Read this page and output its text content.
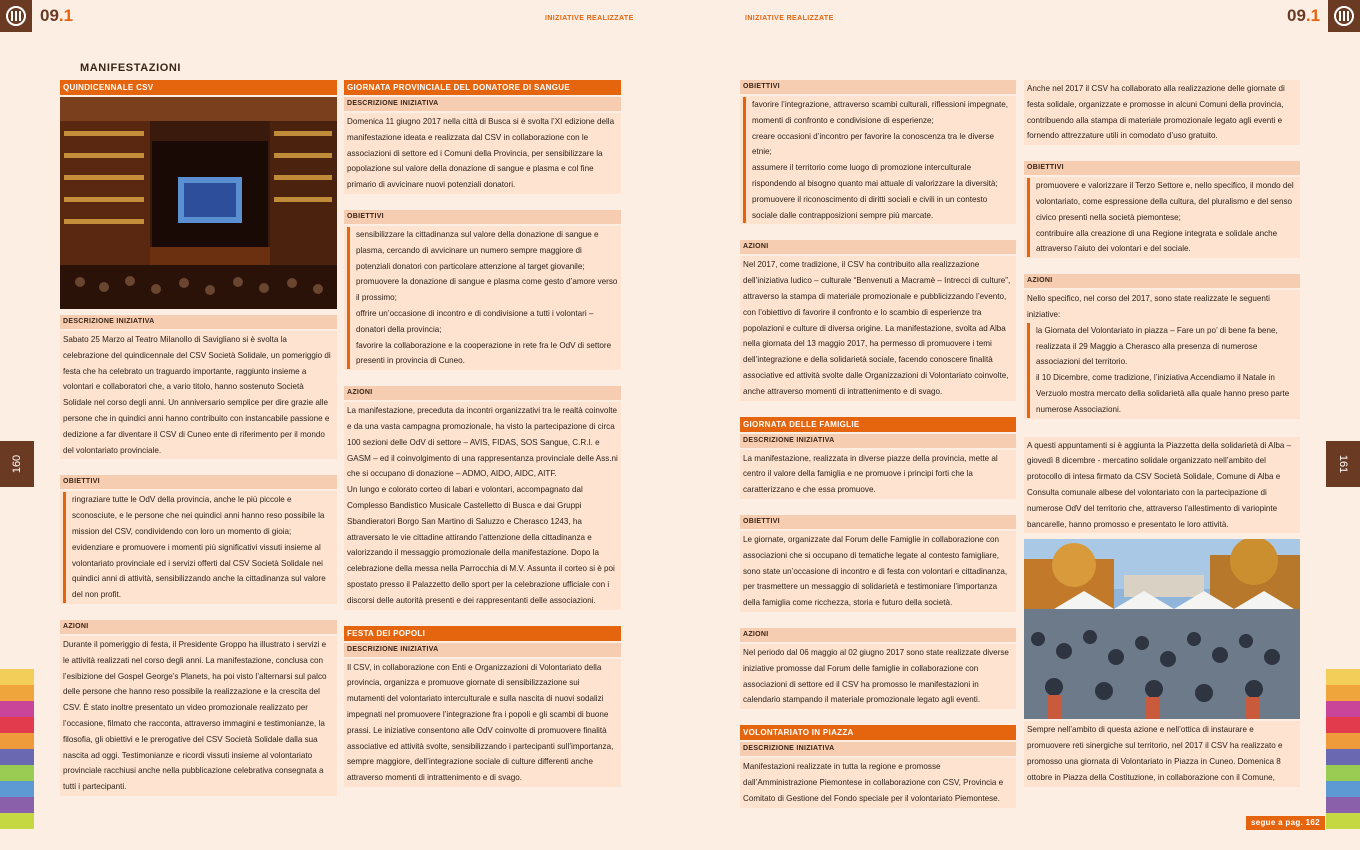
09.1	INIZIATIVE REALIZZATE
160
MANIFESTAZIONI
QUINDICENNALE CSV
DESCRIZIONE INIZIATIVA

Sabato 25 Marzo al Teatro Milanollo di Savigliano si è svolta la celebrazione del quindicennale del CSV Società Solidale, un pomeriggio di festa che ha celebrato un traguardo importante, raggiunto insieme a volontari e collaboratori che, a vario titolo, hanno sostenuto Società Solidale nel corso degli anni. Un anniversario semplice per dire grazie alle persone che in quindici anni hanno contribuito con instancabile passione e dedizione a far diventare il CSV di Cuneo ente di riferimento per il mondo del volontariato provinciale.

OBIETTIVI

ringraziare tutte le OdV della provincia, anche le più piccole e sconosciute, e le persone che nei quindici anni hanno reso possibile la mission del CSV, condividendo con loro un momento di gioia;

evidenziare e promuovere i momenti più significativi vissuti insieme al volontariato provinciale ed i servizi offerti dal CSV Società Solidale nei quindici anni di attività, sensibilizzando anche la cittadinanza sul valore del non profit.

AZIONI

Durante il pomeriggio di festa, il Presidente Groppo ha illustrato i servizi e le attività realizzati nel corso degli anni. La manifestazione, conclusa con l’esibizione del Gospel George’s Planets, ha poi visto l’alternarsi sul palco delle persone che hanno reso possibile la realizzazione e la crescita del CSV. È stato inoltre presentato un video promozionale realizzato per l’occasione, filmato che racconta, attraverso immagini e testimonianze, la filosofia, gli obiettivi e le prerogative del CSV Società Solidale dalla sua nascita ad oggi. Testimonianze e ricordi vissuti insieme al volontariato provinciale racchiusi anche nella pubblicazione celebrativa consegnata a tutti i partecipanti.

GIORNATA PROVINCIALE DEL DONATORE DI SANGUE
DESCRIZIONE INIZIATIVA

Domenica 11 giugno 2017 nella città di Busca si è svolta l’XI edizione della manifestazione ideata e realizzata dal CSV in collaborazione con le associazioni di settore ed i Comuni della Provincia, per sensibilizzare la popolazione sul valore della donazione di sangue e plasma e col fine primario di avvicinare nuovi potenziali donatori.

OBIETTIVI

sensibilizzare la cittadinanza sul valore della donazione di sangue e plasma, cercando di avvicinare un numero sempre maggiore di potenziali donatori con particolare attenzione al target giovanile;

promuovere la donazione di sangue e plasma come gesto d’amore verso il prossimo;

offrire un’occasione di incontro e di condivisione a tutti i volontari – donatori della provincia;

favorire la collaborazione e la cooperazione in rete fra le OdV di settore presenti in provincia di Cuneo.

AZIONI

La manifestazione, preceduta da incontri organizzativi tra le realtà coinvolte e da una vasta campagna promozionale, ha visto la partecipazione di circa 100 sezioni delle OdV di settore – AVIS, FIDAS, SOS Sangue, C.R.I. e GASM – ed il coinvolgimento di una rappresentanza provinciale delle Ass.ni che si occupano di donazione – ADMO, AIDO, AIDC, AITF.

Un lungo e colorato corteo di labari e volontari, accompagnato dal Complesso Bandistico Musicale Castelletto di Busca e dai Gruppi Sbandieratori Borgo San Martino di Saluzzo e Cherasco 1243, ha attraversato le vie cittadine attirando l’attenzione della cittadinanza e valorizzando il messaggio promozionale della manifestazione. Dopo la celebrazione della messa nella Parrocchia di M.V. Assunta il corteo si è poi spostato presso il Palazzetto dello sport per la celebrazione ufficiale con i discorsi delle autorità presenti e dei rappresentanti delle associazioni.

FESTA DEI POPOLI
DESCRIZIONE INIZIATIVA

Il CSV, in collaborazione con Enti e Organizzazioni di Volontariato della provincia, organizza e promuove giornate di sensibilizzazione sui mutamenti del volontariato interculturale e sulla nascita di nuovi sodalizi impegnati nel promuovere l’integrazione fra i popoli e gli scambi di buone prassi. Le iniziative consentono alle OdV coinvolte di promuovere finalità associative ed attività svolte, sensibilizzando i partecipanti sull’importanza, sempre maggiore, dell’integrazione sociale di culture differenti anche attraverso momenti di intrattenimento e di svago.

09.1
INIZIATIVE REALIZZATE
161
OBIETTIVI

favorire l’integrazione, attraverso scambi culturali, riflessioni impegnate, momenti di confronto e condivisione di esperienze;

creare occasioni d’incontro per favorire la conoscenza tra le diverse etnie;

assumere il territorio come luogo di promozione interculturale rispondendo al bisogno quanto mai attuale di valorizzare la diversità;

promuovere il riconoscimento di diritti sociali e civili in un contesto sociale dalle contrapposizioni sempre più marcate.

AZIONI

Nel 2017, come tradizione, il CSV ha contribuito alla realizzazione dell’iniziativa ludico – culturale “Benvenuti a Macramè – Intrecci di culture”, attraverso la stampa di materiale promozionale e pubblicizzando l’evento, con l’obiettivo di favorire il confronto e lo scambio di esperienze tra popolazioni e culture di diversa origine. La manifestazione, svolta ad Alba nella giornata del 13 maggio 2017, ha permesso di promuovere i temi dell’integrazione e della solidarietà sociale, facendo conoscere finalità associative ed attività svolte dalle Organizzazioni di Volontariato coinvolte, anche attraverso momenti di intrattenimento e di svago.

GIORNATA DELLE FAMIGLIE
DESCRIZIONE INIZIATIVA

La manifestazione, realizzata in diverse piazze della provincia, mette al centro il valore della famiglia e ne promuove i principi forti che la caratterizzano e che essa promuove.

OBIETTIVI

Le giornate, organizzate dal Forum delle Famiglie in collaborazione con associazioni che si occupano di tematiche legate al contesto famigliare, sono state un’occasione di incontro e di festa con volontari e cittadinanza, per trasmettere un messaggio di solidarietà e testimoniare l’importanza della famiglia come ricchezza, storia e futuro della società.

AZIONI

Nel periodo dal 06 maggio al 02 giugno 2017 sono state realizzate diverse iniziative promosse dal Forum delle famiglie in collaborazione con associazioni di settore ed il CSV ha promosso le manifestazioni in calendario stampando il materiale promozionale legato agli eventi.

VOLONTARIATO IN PIAZZA
DESCRIZIONE INIZIATIVA

Manifestazioni realizzate in tutta la regione e promosse dall’Amministrazione Piemontese in collaborazione con CSV, Provincia e Comitato di Gestione del Fondo speciale per il volontariato Piemontese.

Anche nel 2017 il CSV ha collaborato alla realizzazione delle giornate di festa solidale, organizzate e promosse in alcuni Comuni della provincia, contribuendo alla stampa di materiale promozionale legato agli eventi e fornendo attrezzature utili in comodato d’uso gratuito.

OBIETTIVI

promuovere e valorizzare il Terzo Settore e, nello specifico, il mondo del volontariato, come espressione della cultura, del pluralismo e del senso civico presenti nella società piemontese;

contribuire alla creazione di una Regione integrata e solidale anche attraverso l’aiuto dei volontari e del sociale.

AZIONI

Nello specifico, nel corso del 2017, sono state realizzate le seguenti iniziative:

la Giornata del Volontariato in piazza – Fare un po’ di bene fa bene, realizzata il 29 Maggio a Cherasco alla presenza di numerose associazioni del territorio.

il 10 Dicembre, come tradizione, l’iniziativa Accendiamo il Natale in Verzuolo mostra mercato della solidarietà alla quale hanno preso parte numerose Associazioni.

A questi appuntamenti si è aggiunta la Piazzetta della solidarietà di Alba – giovedì 8 dicembre - mercatino solidale organizzato nell’ambito del protocollo di intesa firmato da CSV Società Solidale, Comune di Alba e Consulta comunale albese del volontariato con la partecipazione di numerose OdV del territorio che, attraverso l’allestimento di variopinte bancarelle, hanno promosso e presentato le loro attività.

Sempre nell’ambito di questa azione e nell’ottica di instaurare e promuovere reti sinergiche sul territorio, nel 2017 il CSV ha realizzato e promosso una giornata di Volontariato in Piazza in Cuneo. Domenica 8 ottobre in Piazza della Costituzione, in collaborazione con il Comune,

segue a pag. 162
